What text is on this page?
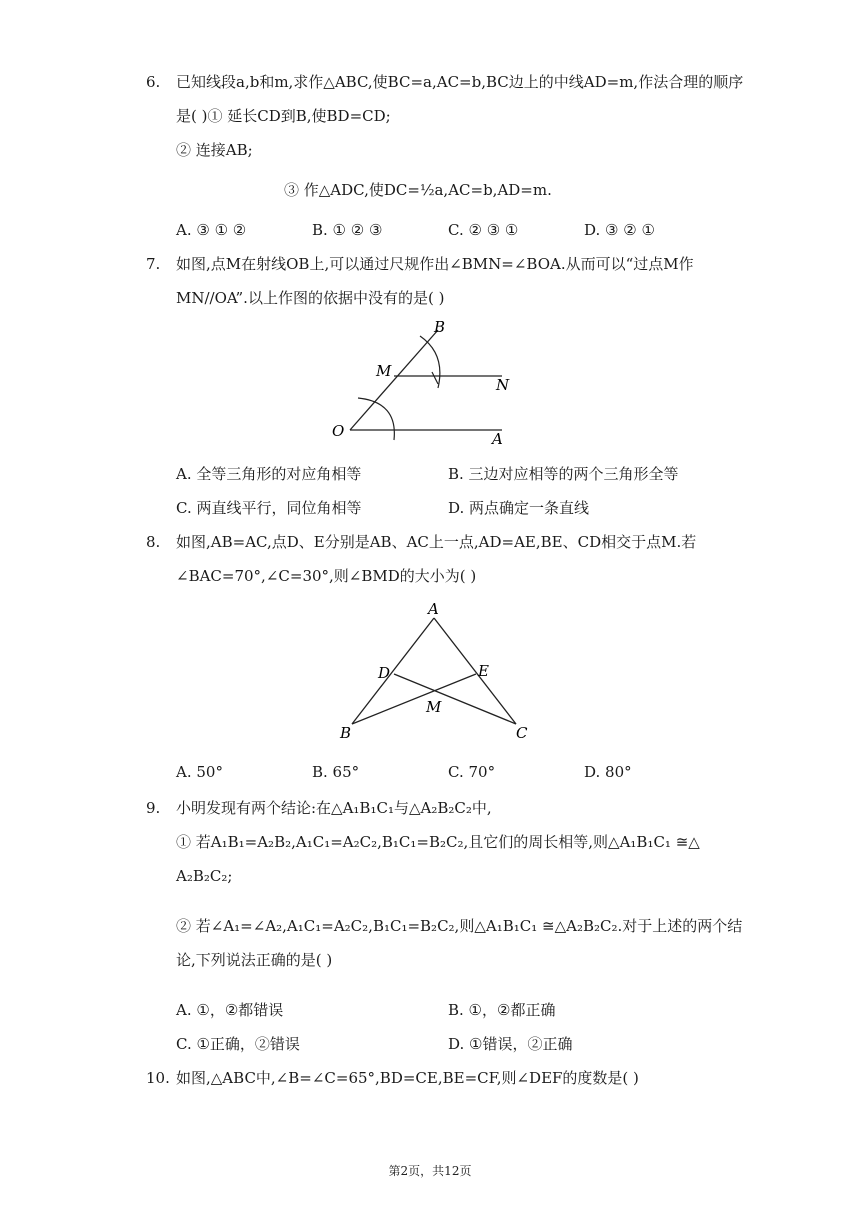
6. 已知线段a,b和m,求作△ABC,使BC=a,AC=b,BC边上的中线AD=m,作法合理的顺序
是( )① 延长CD到B,使BD=CD;
② 连接AB;
③ 作△ADC,使DC=½a,AC=b,AD=m.
A. ③ ① ②	B. ① ② ③	C. ② ③ ①	D. ③ ② ①
7. 如图,点M在射线OB上,可以通过尺规作出∠BMN=∠BOA.从而可以“过点M作
MN//OA”.以上作图的依据中没有的是( )
B
M
N
O	A
A. 全等三角形的对应角相等	B. 三边对应相等的两个三角形全等
C. 两直线平行，同位角相等	D. 两点确定一条直线
8. 如图,AB=AC,点D、E分别是AB、AC上一点,AD=AE,BE、CD相交于点M.若
∠BAC=70°,∠C=30°,则∠BMD的大小为( )
A
D	E
M
B	C
A. 50°	B. 65°	C. 70°	D. 80°
9. 小明发现有两个结论:在△A₁B₁C₁与△A₂B₂C₂中,
① 若A₁B₁=A₂B₂,A₁C₁=A₂C₂,B₁C₁=B₂C₂,且它们的周长相等,则△A₁B₁C₁ ≅△
A₂B₂C₂;
② 若∠A₁=∠A₂,A₁C₁=A₂C₂,B₁C₁=B₂C₂,则△A₁B₁C₁ ≅△A₂B₂C₂.对于上述的两个结
论,下列说法正确的是( )
A. ①，②都错误	B. ①，②都正确
C. ①正确，②错误	D. ①错误，②正确
10. 如图,△ABC中,∠B=∠C=65°,BD=CE,BE=CF,则∠DEF的度数是( )
第2页，共12页
